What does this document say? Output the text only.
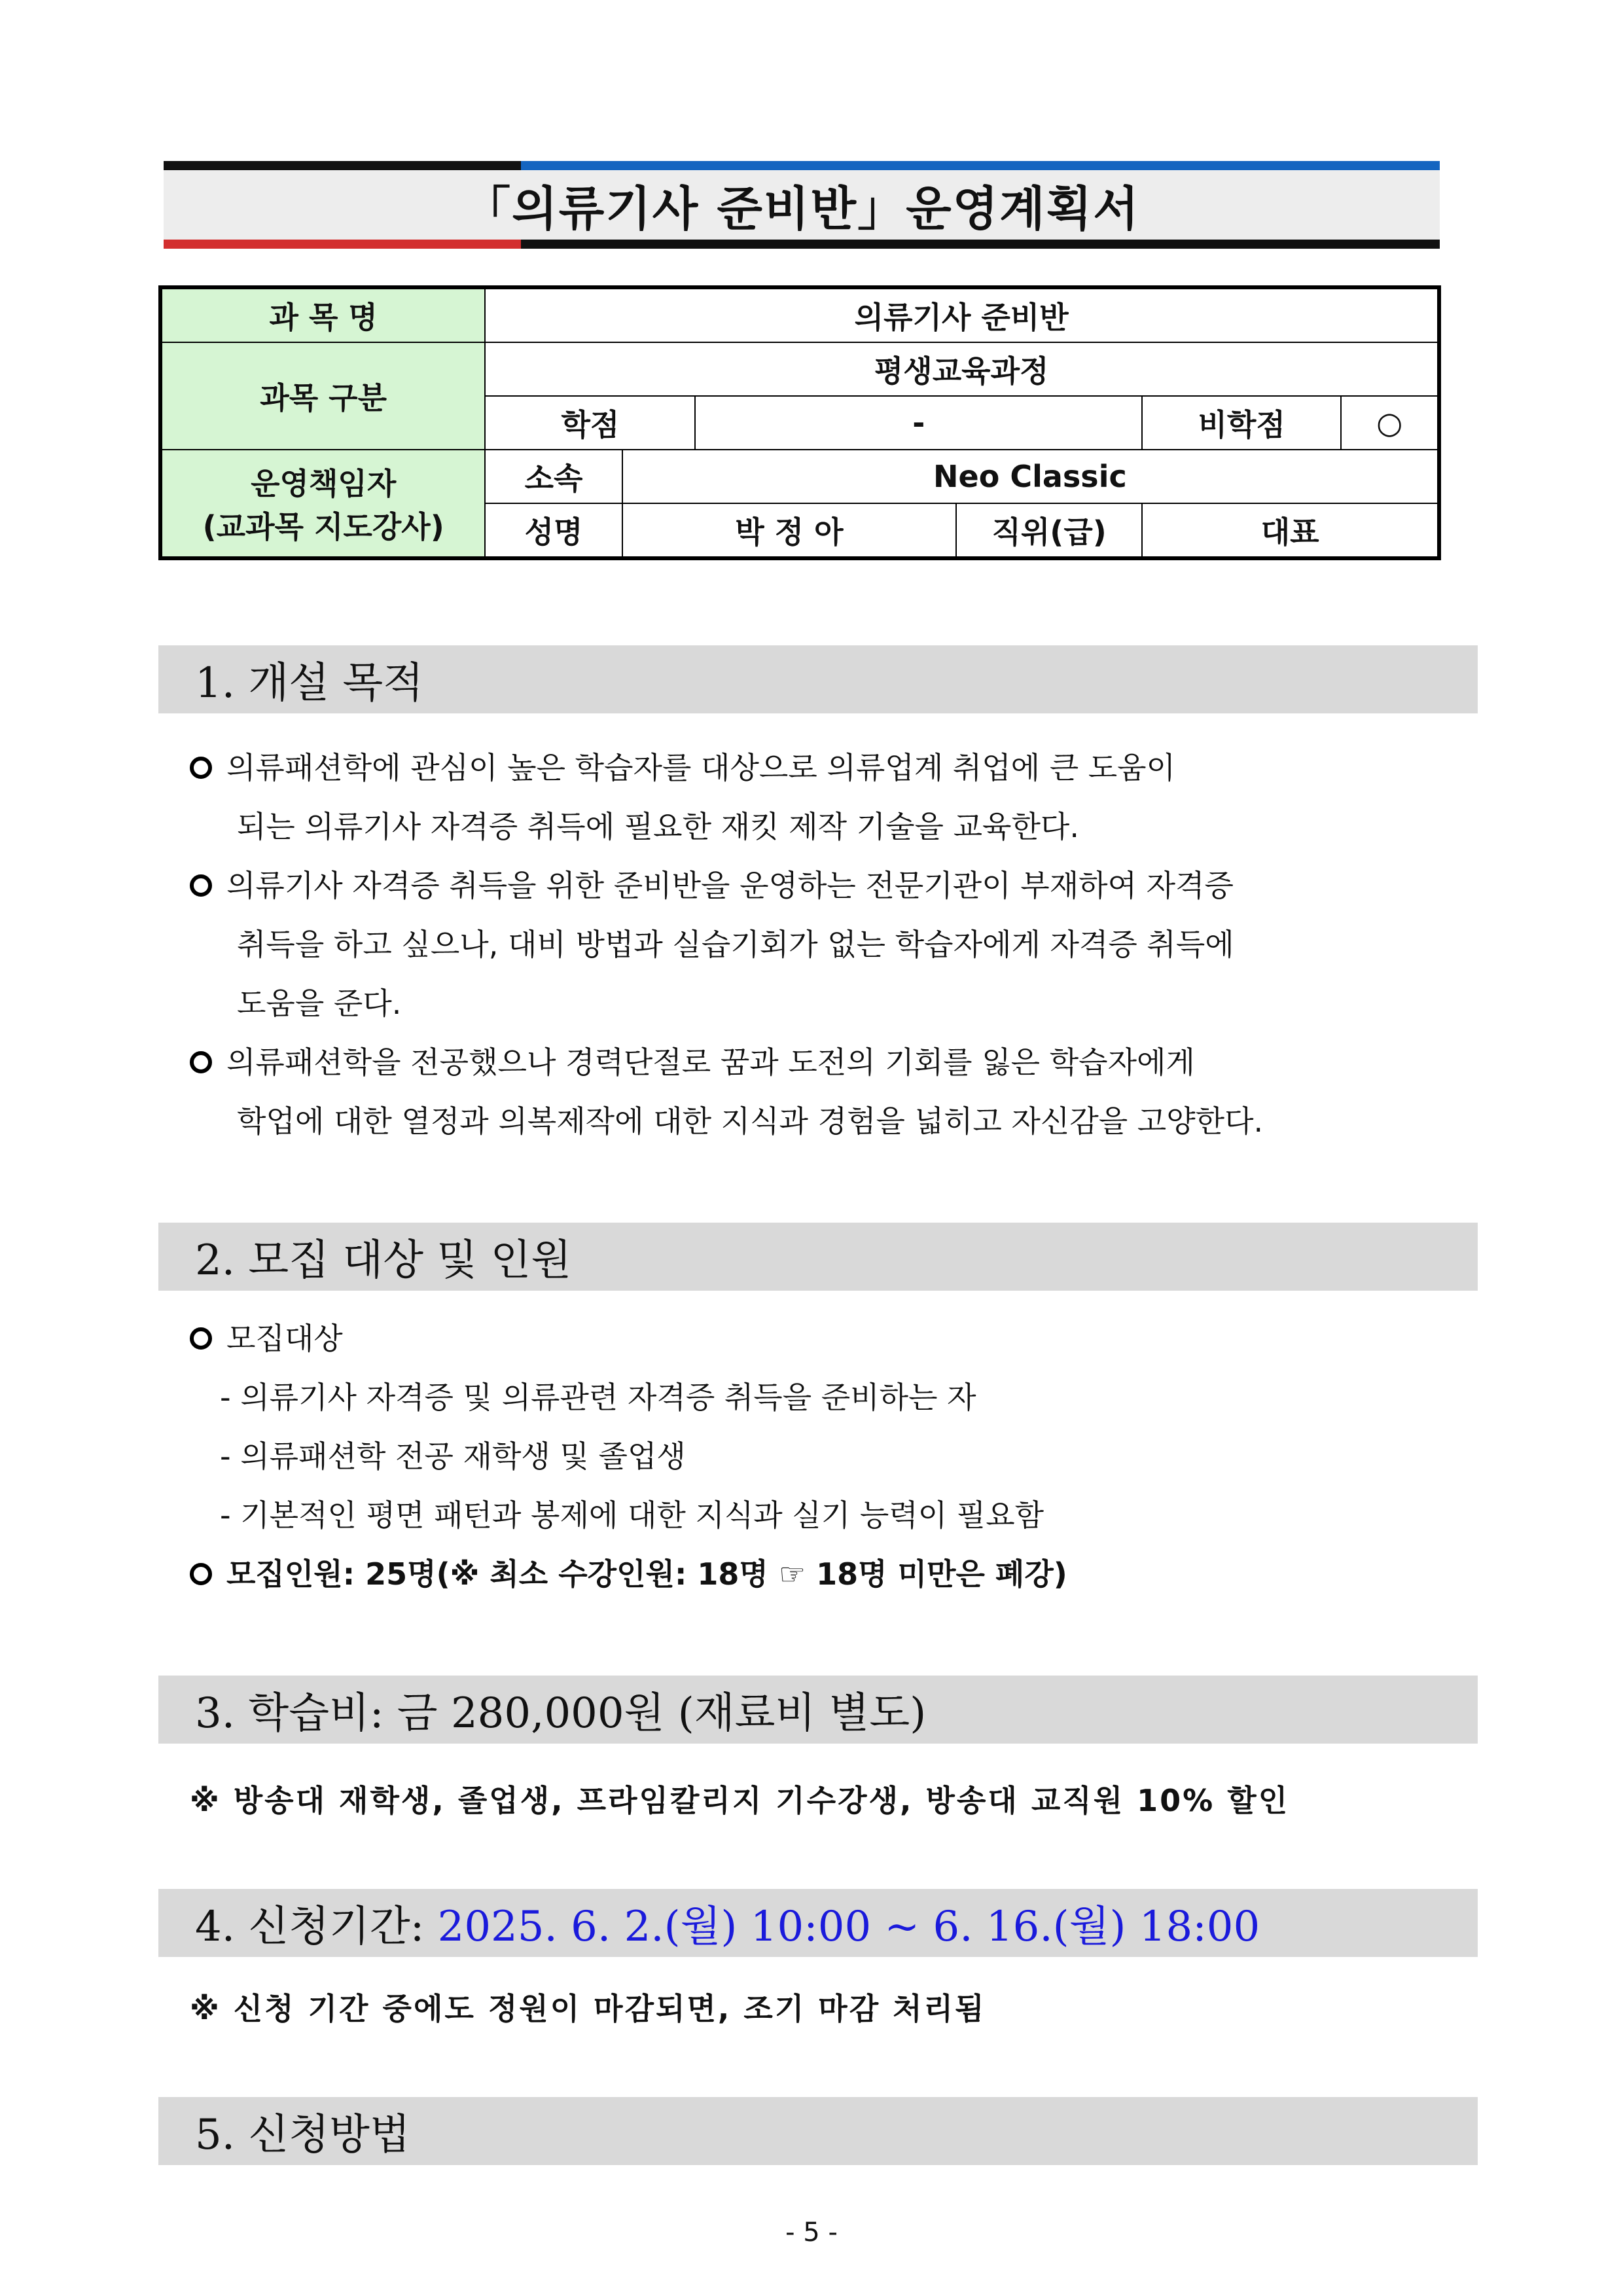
「의류기사 준비반」운영계획서
과 목 명	의류기사 준비반					
과목 구분	평생교육과정					
	학점		-		비학점	○

운영책임자
(교과목 지도강사)	소속	Neo Classic				
	성명	박 정 아		직위(급)	대표	
1. 개설 목적
의류패션학에 관심이 높은 학습자를 대상으로 의류업계 취업에 큰 도움이
되는 의류기사 자격증 취득에 필요한 재킷 제작 기술을 교육한다.
의류기사 자격증 취득을 위한 준비반을 운영하는 전문기관이 부재하여 자격증
취득을 하고 싶으나, 대비 방법과 실습기회가 없는 학습자에게 자격증 취득에
도움을 준다.
의류패션학을 전공했으나 경력단절로 꿈과 도전의 기회를 잃은 학습자에게
학업에 대한 열정과 의복제작에 대한 지식과 경험을 넓히고 자신감을 고양한다.
2. 모집 대상 및 인원
모집대상
- 의류기사 자격증 및 의류관련 자격증 취득을 준비하는 자
- 의류패션학 전공 재학생 및 졸업생
- 기본적인 평면 패턴과 봉제에 대한 지식과 실기 능력이 필요함
모집인원: 25명(※ 최소 수강인원: 18명 ☞ 18명 미만은 폐강)
3. 학습비: 금 280,000원 (재료비 별도)
※ 방송대 재학생, 졸업생, 프라임칼리지 기수강생, 방송대 교직원 10% 할인
4. 신청기간: 2025. 6. 2.(월) 10:00 ~ 6. 16.(월) 18:00
※ 신청 기간 중에도 정원이 마감되면, 조기 마감 처리됨
5. 신청방법
- 5 -
